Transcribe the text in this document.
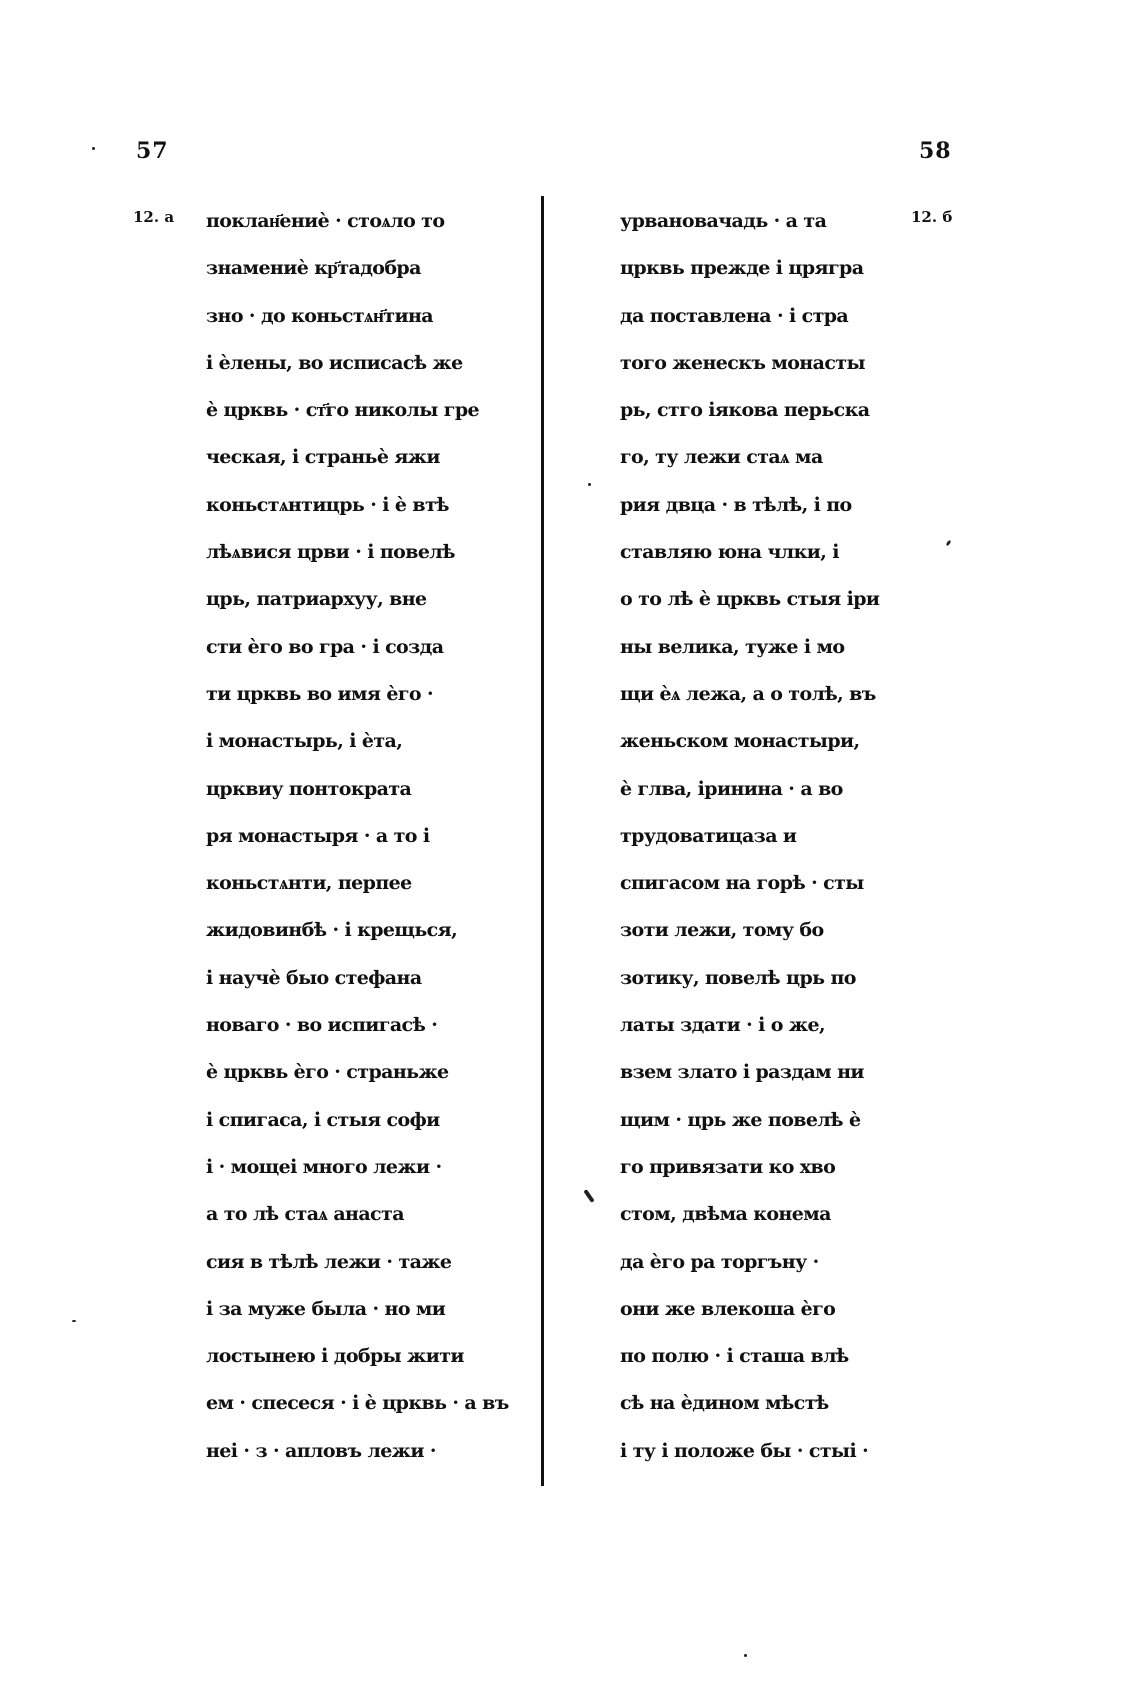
57	58
12. a	12. б
поклан҃ениѐ · стоѧло то
знамениѐ кр҃тадобра
зно · до коньстѧн҃тина
і ѐлены, во исписасѣ же
ѐ црквь · ст҃го николы гре
ческая, і страньѐ яжи
коньстѧнтицрь · і ѐ втѣ
лѣѧвися црви · і повелѣ
црь, патриархуу, вне
сти ѐго во гра · і созда
ти црквь во имя ѐго ·
і монастырь, і ѐта,
црквиу понтократа
ря монастыря · а то і
коньстѧнти, перпее
жидовинбѣ · і крещься,
і научѐ быо стефана
новаго · во испигасѣ ·
ѐ црквь ѐго · страньже
і спигаса, і стыя софи
і · мощеі много лежи ·
а то лѣ стаѧ анаста
сия в тѣлѣ лежи · таже
і за муже была · но ми
лостынею і добры жити
ем · спесеся · і ѐ црквь · а въ
неі · з · апловъ лежи ·
урвановачадь · а та
црквь прежде і црягра
да поставлена · і стра
того женескъ монасты
рь, стго іякова перьска
го, ту лежи стаѧ ма
рия двца · в тѣлѣ, і по
ставляю юна члки, і
о то лѣ ѐ црквь стыя іри
ны велика, туже і мо
щи ѐѧ лежа, а о толѣ, въ
женьском монастыри,
ѐ глва, іринина · а во
трудоватицаза и
спигасом на горѣ · сты
зоти лежи, тому бо
зотику, повелѣ црь по
латы здати · і о же,
взем злато і раздам ни
щим · црь же повелѣ ѐ
го привязати ко хво
стом, двѣма конема
да ѐго ра торгъну ·
они же влекоша ѐго
по полю · і сташа влѣ
сѣ на ѐдином мѣстѣ
і ту і положе бы · стыі ·
